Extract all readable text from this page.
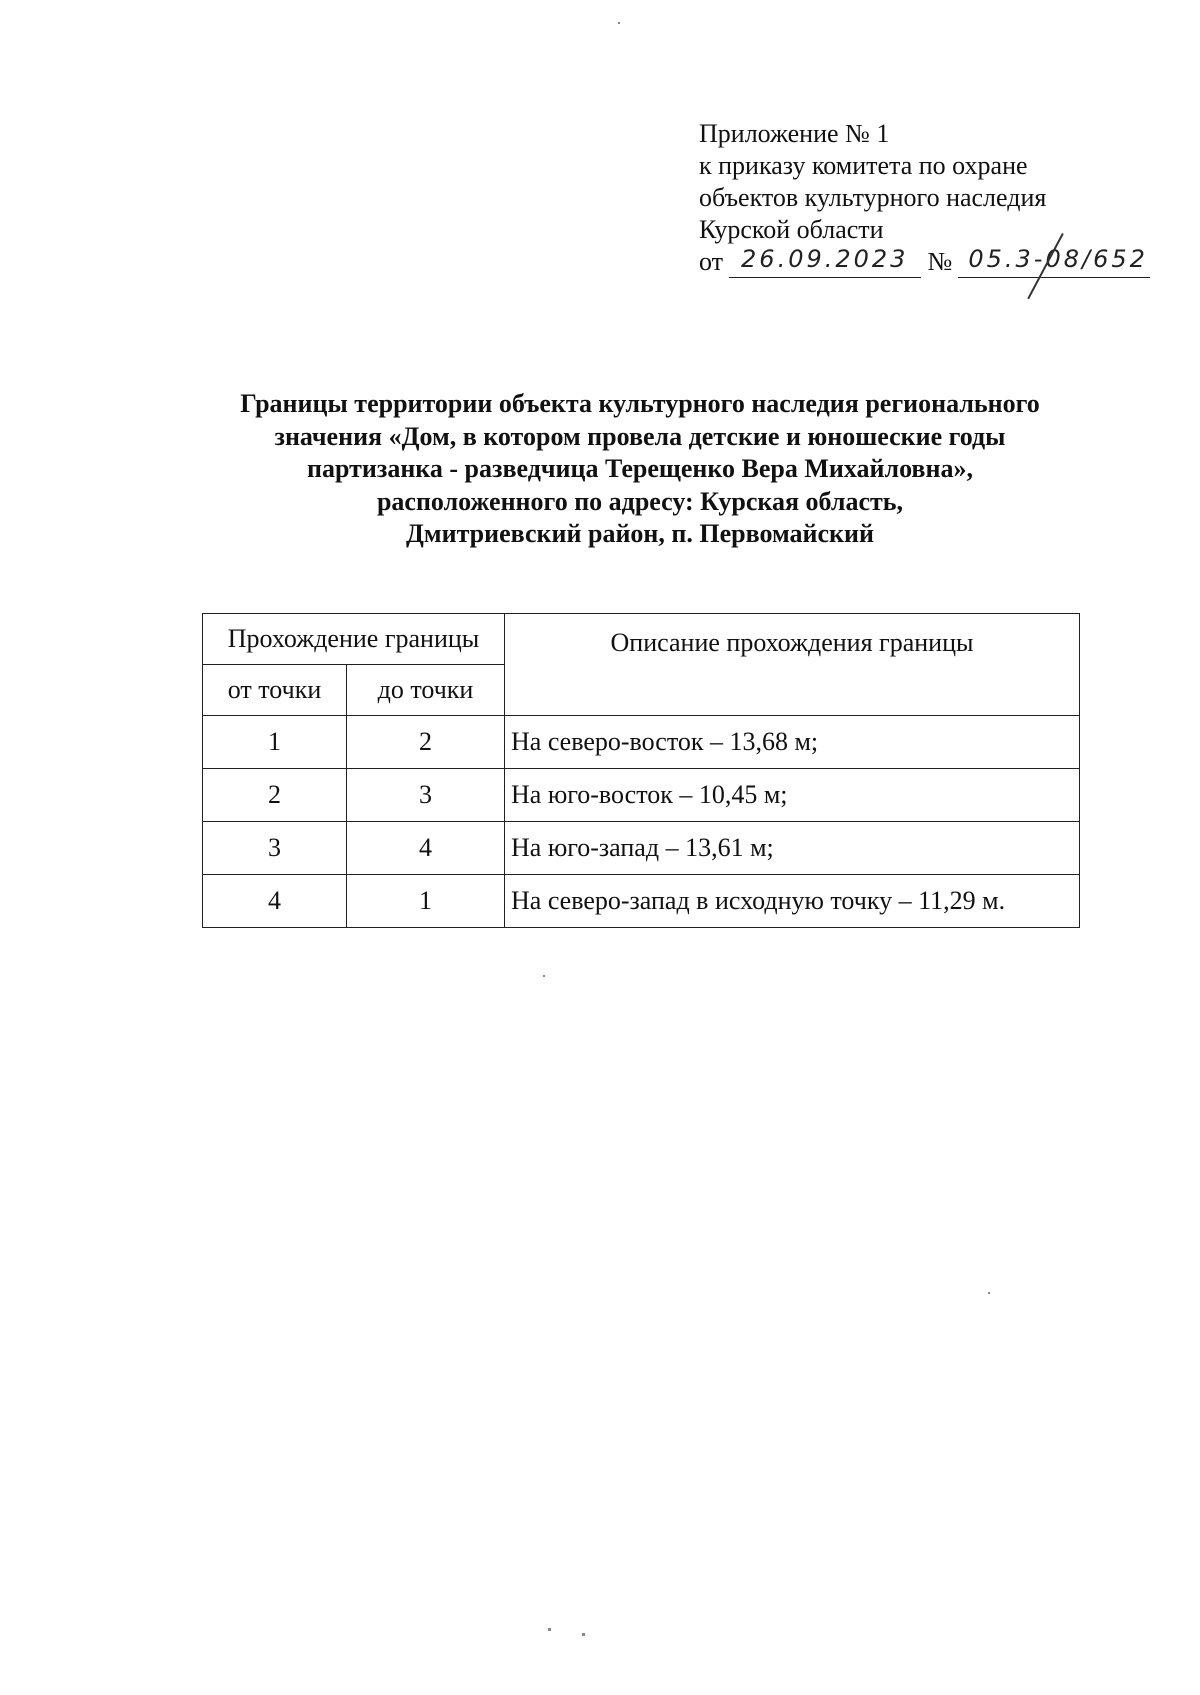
Приложение № 1
к приказу комитета по охране
объектов культурного наследия
Курской области
от 26.09.2023 № 05.3-08/652
Границы территории объекта культурного наследия регионального
значения «Дом, в котором провела детские и юношеские годы
партизанка - разведчица Терещенко Вера Михайловна»,
расположенного по адресу: Курская область,
Дмитриевский район, п. Первомайский
Прохождение границы		Описание прохождения границы
от точки	до точки	
1	2	На северо-восток – 13,68 м;
2	3	На юго-восток – 10,45 м;
3	4	На юго-запад – 13,61 м;
4	1	На северо-запад в исходную точку – 11,29 м.
